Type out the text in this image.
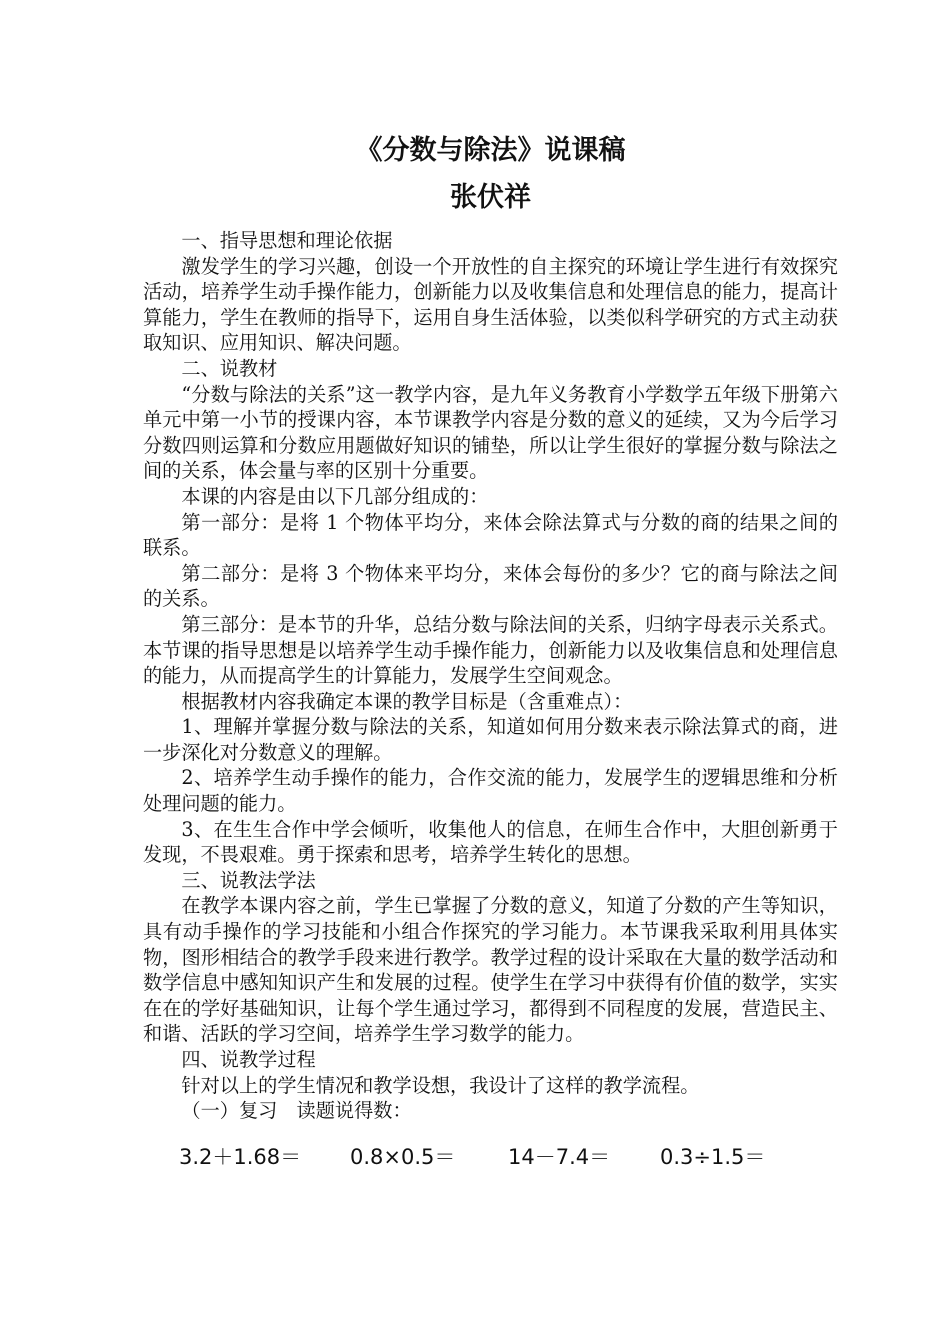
《分数与除法》说课稿
张伏祥

一、指导思想和理论依据

激发学生的学习兴趣，创设一个开放性的自主探究的环境让学生进行有效探究活动，培养学生动手操作能力，创新能力以及收集信息和处理信息的能力，提高计算能力，学生在教师的指导下，运用自身生活体验，以类似科学研究的方式主动获取知识、应用知识、解决问题。

二、说教材

“分数与除法的关系”这一教学内容，是九年义务教育小学数学五年级下册第六单元中第一小节的授课内容，本节课教学内容是分数的意义的延续，又为今后学习分数四则运算和分数应用题做好知识的铺垫，所以让学生很好的掌握分数与除法之间的关系，体会量与率的区别十分重要。

本课的内容是由以下几部分组成的：

第一部分：是将 1 个物体平均分，来体会除法算式与分数的商的结果之间的联系。

第二部分：是将 3 个物体来平均分，来体会每份的多少？它的商与除法之间的关系。

第三部分：是本节的升华，总结分数与除法间的关系，归纳字母表示关系式。本节课的指导思想是以培养学生动手操作能力，创新能力以及收集信息和处理信息的能力，从而提高学生的计算能力，发展学生空间观念。

根据教材内容我确定本课的教学目标是（含重难点）：

1、理解并掌握分数与除法的关系，知道如何用分数来表示除法算式的商，进一步深化对分数意义的理解。

2、培养学生动手操作的能力，合作交流的能力，发展学生的逻辑思维和分析处理问题的能力。

3、在生生合作中学会倾听，收集他人的信息，在师生合作中，大胆创新勇于发现，不畏艰难。勇于探索和思考，培养学生转化的思想。

三、说教法学法

在教学本课内容之前，学生已掌握了分数的意义，知道了分数的产生等知识，具有动手操作的学习技能和小组合作探究的学习能力。本节课我采取利用具体实物，图形相结合的教学手段来进行教学。教学过程的设计采取在大量的数学活动和数学信息中感知知识产生和发展的过程。使学生在学习中获得有价值的数学，实实在在的学好基础知识，让每个学生通过学习，都得到不同程度的发展，营造民主、和谐、活跃的学习空间，培养学生学习数学的能力。

四、说教学过程

针对以上的学生情况和教学设想，我设计了这样的教学流程。

（一）复习　读题说得数：

3.2＋1.68＝	0.8×0.5＝	14－7.4＝	0.3÷1.5＝
